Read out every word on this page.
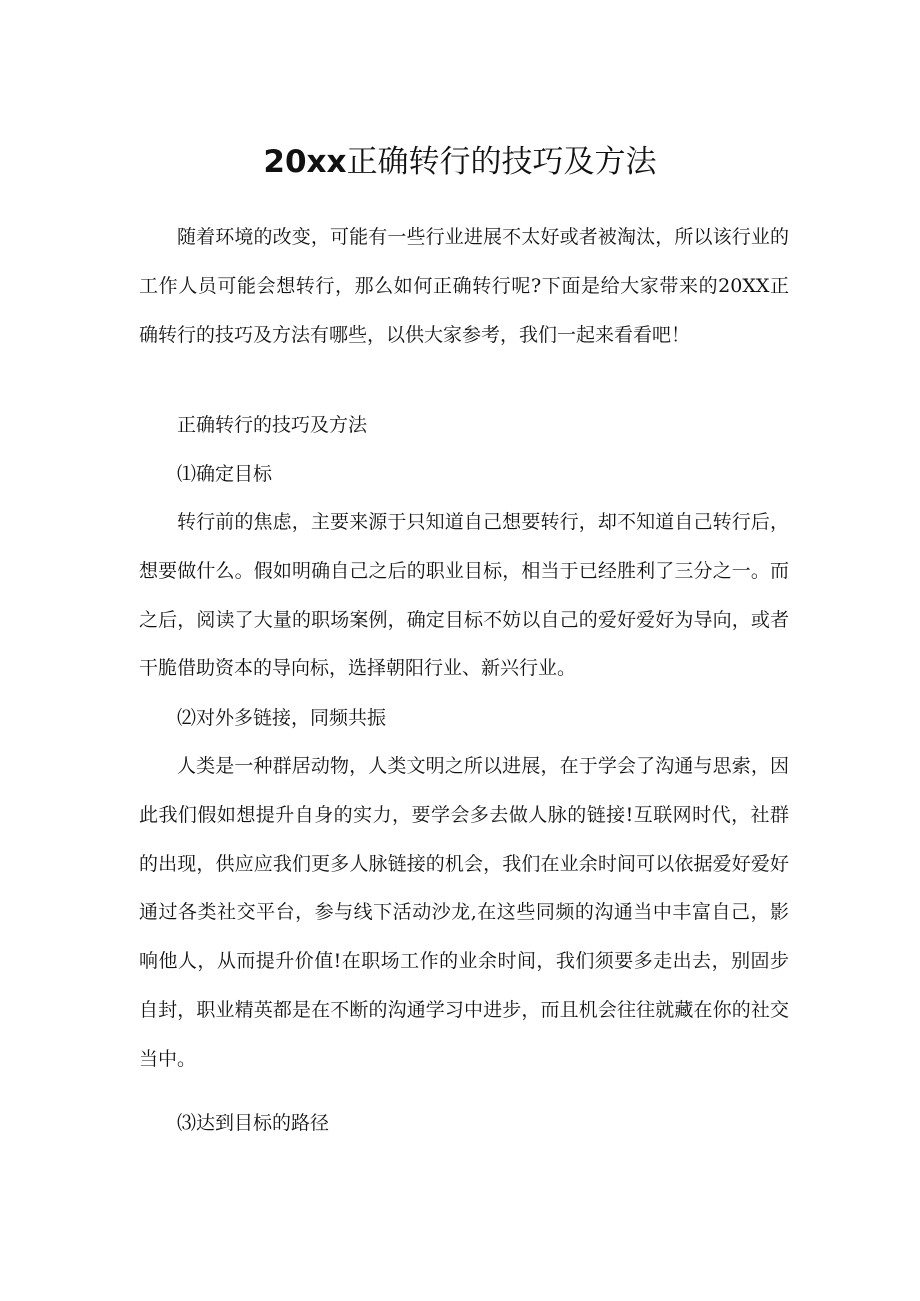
20xx正确转行的技巧及方法

随着环境的改变，可能有一些行业进展不太好或者被淘汰，所以该行业的工作人员可能会想转行，那么如何正确转行呢?下面是给大家带来的20XX正确转行的技巧及方法有哪些，以供大家参考，我们一起来看看吧！

正确转行的技巧及方法

⑴确定目标

转行前的焦虑，主要来源于只知道自己想要转行，却不知道自己转行后，想要做什么。假如明确自己之后的职业目标，相当于已经胜利了三分之一。而之后，阅读了大量的职场案例，确定目标不妨以自己的爱好爱好为导向，或者干脆借助资本的导向标，选择朝阳行业、新兴行业。

⑵对外多链接，同频共振

人类是一种群居动物，人类文明之所以进展，在于学会了沟通与思索，因此我们假如想提升自身的实力，要学会多去做人脉的链接!互联网时代，社群的出现，供应应我们更多人脉链接的机会，我们在业余时间可以依据爱好爱好通过各类社交平台，参与线下活动沙龙,在这些同频的沟通当中丰富自己，影响他人，从而提升价值!在职场工作的业余时间，我们须要多走出去，别固步自封，职业精英都是在不断的沟通学习中进步，而且机会往往就藏在你的社交当中。

⑶达到目标的路径
